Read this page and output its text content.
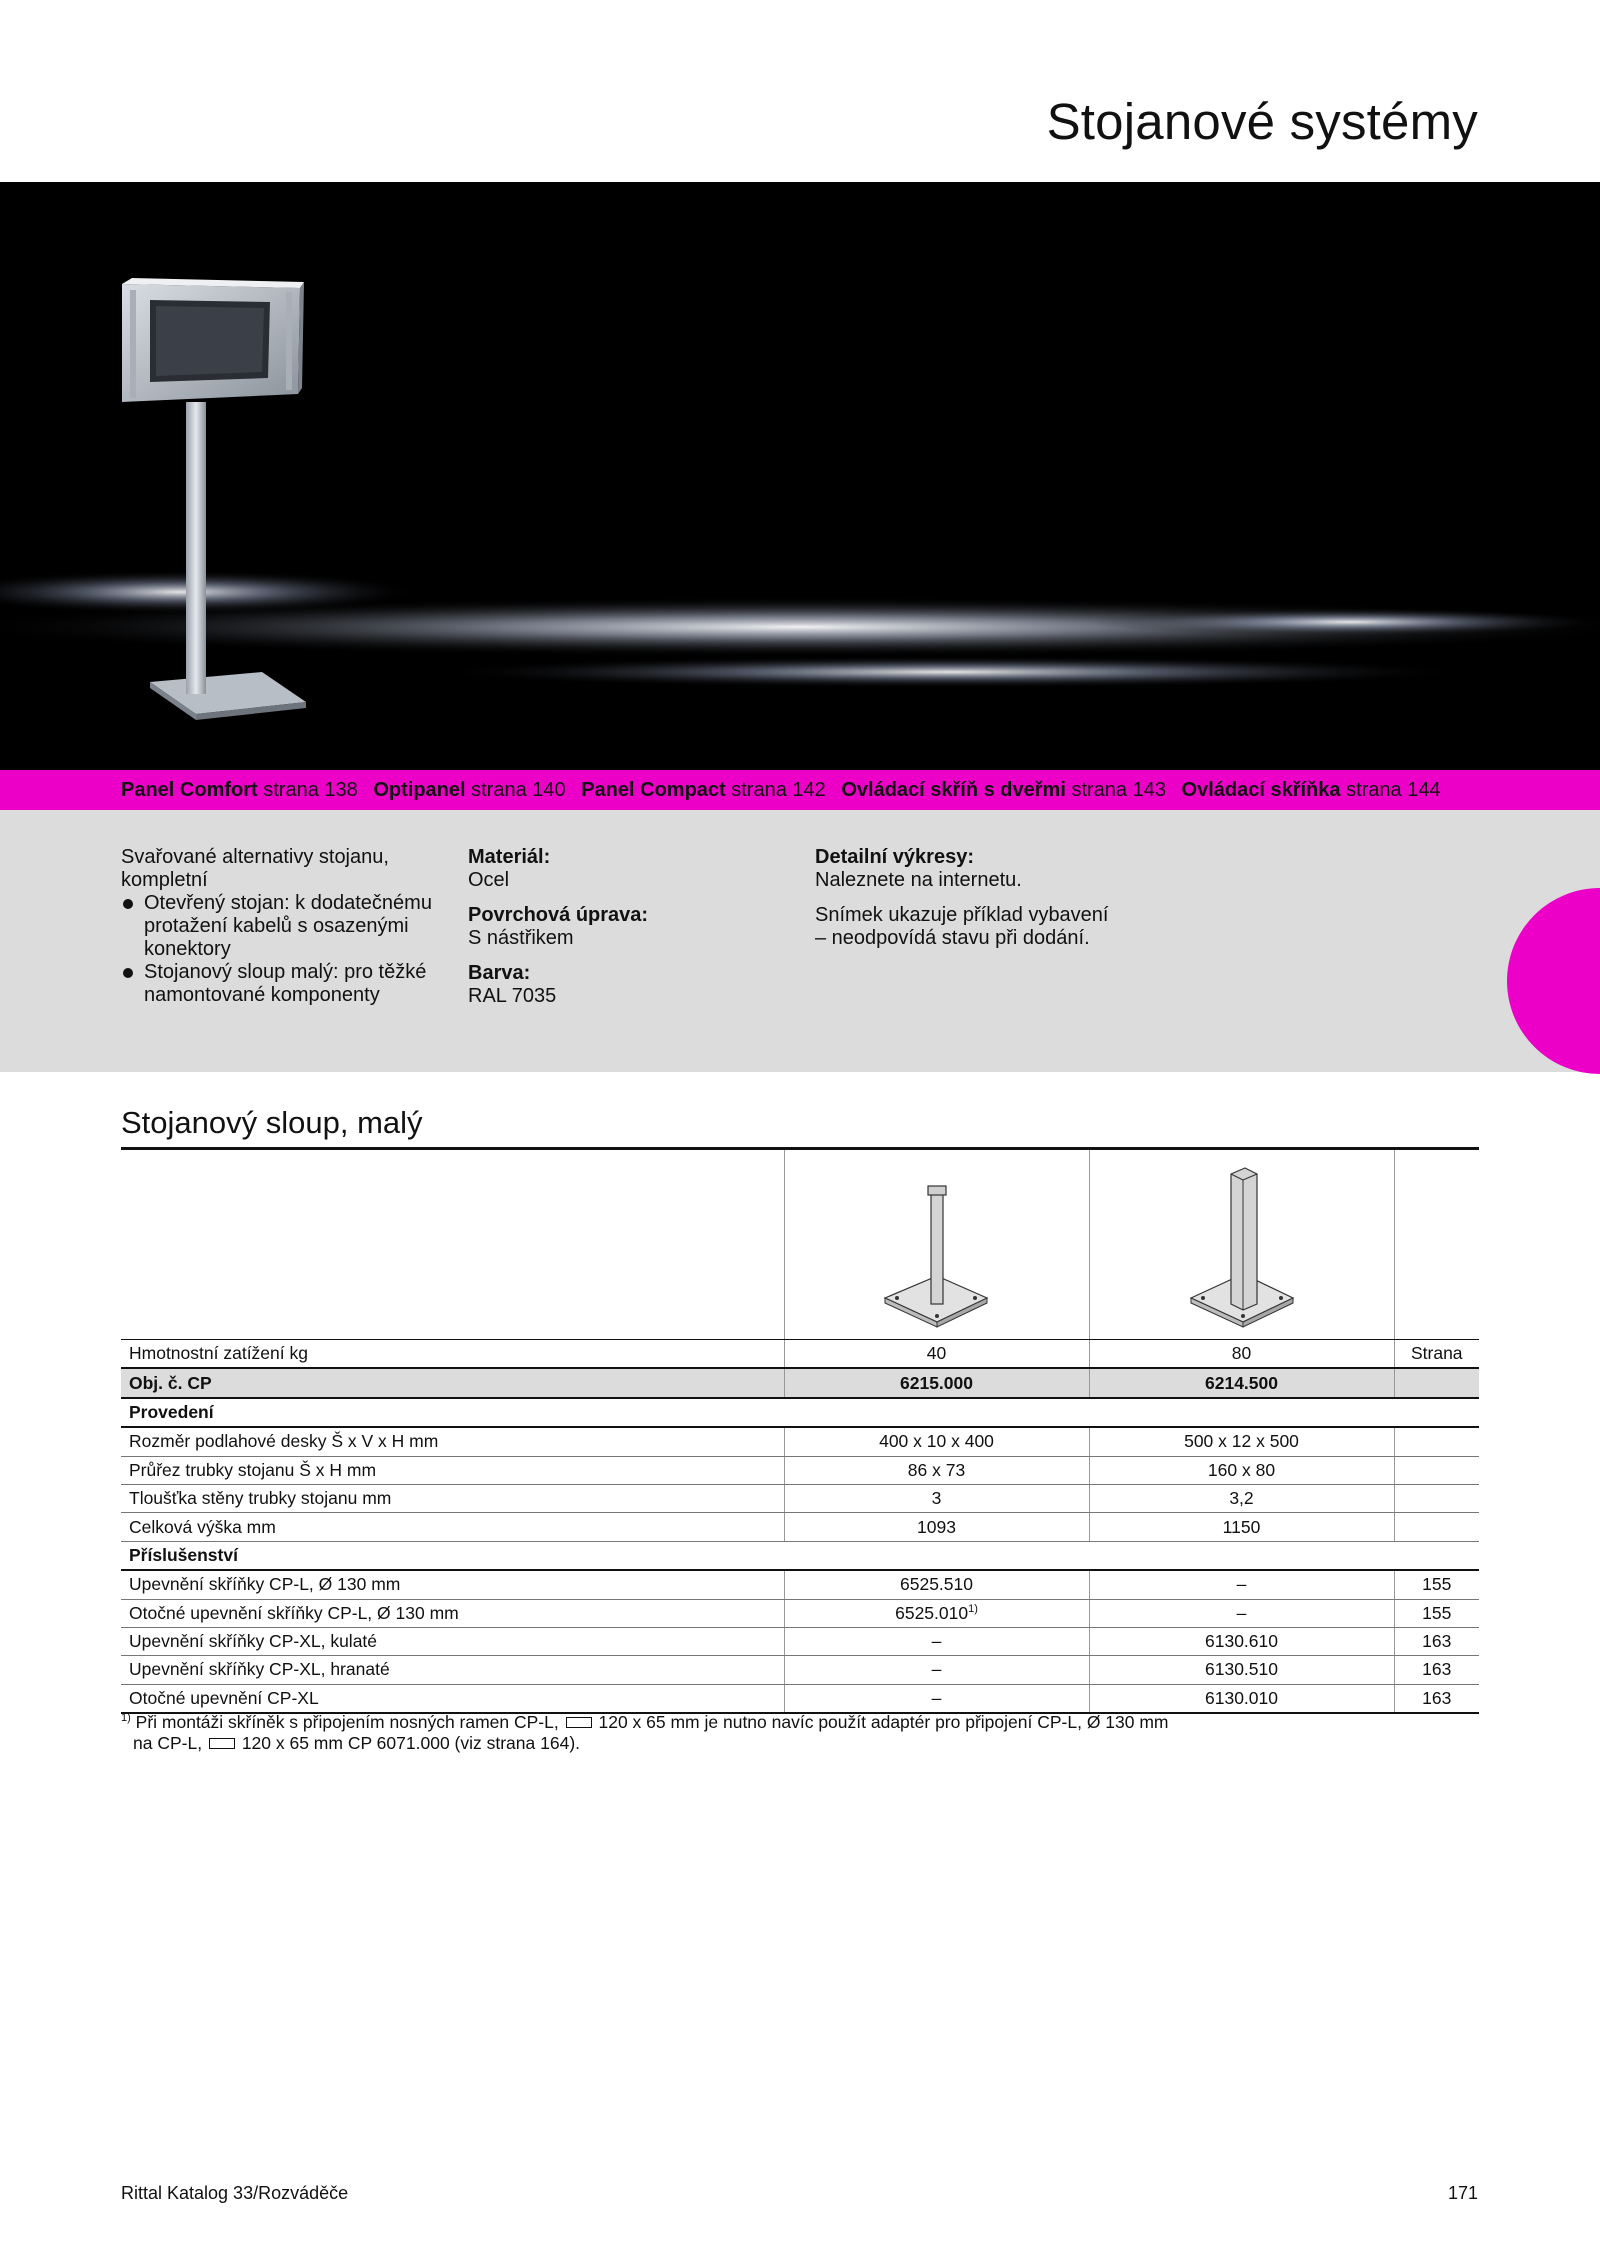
Stojanové systémy
Panel Comfort strana 138 Optipanel strana 140 Panel Compact strana 142 Ovládací skříň s dveřmi strana 143 Ovládací skříňka strana 144

Svařované alternativy stojanu, kompletní

Otevřený stojan: k dodatečnému protažení kabelů s osazenými konektory

Stojanový sloup malý: pro těžké namontované komponenty

Materiál:

Ocel

Povrchová úprava:

S nástřikem

Barva:

RAL 7035

Detailní výkresy:

Naleznete na internetu.

Snímek ukazuje příklad vybavení – neodpovídá stavu při dodání.

Stojanový sloup, malý
Hmotnostní zatížení kg	40	80	Strana
Obj. č. CP	6215.000	6214.500	
Provedení			
Rozměr podlahové desky Š x V x H mm	400 x 10 x 400	500 x 12 x 500	
Průřez trubky stojanu Š x H mm	86 x 73	160 x 80	
Tloušťka stěny trubky stojanu mm	3	3,2	
Celková výška mm	1093	1150	
Příslušenství			
Upevnění skříňky CP-L, Ø 130 mm	6525.510	–	155
Otočné upevnění skříňky CP-L, Ø 130 mm	6525.010$^{1)}$	–	155
Upevnění skříňky CP-XL, kulaté	–	6130.610	163
Upevnění skříňky CP-XL, hranaté	–	6130.510	163
Otočné upevnění CP-XL	–	6130.010	163
$^{1)}$ Při montáži skříněk s připojením nosných ramen CP-L, 120 x 65 mm je nutno navíc použít adaptér pro připojení CP-L, Ø 130 mm
na CP-L, 120 x 65 mm CP 6071.000 (viz strana 164).
Rittal Katalog 33/Rozváděče	171
